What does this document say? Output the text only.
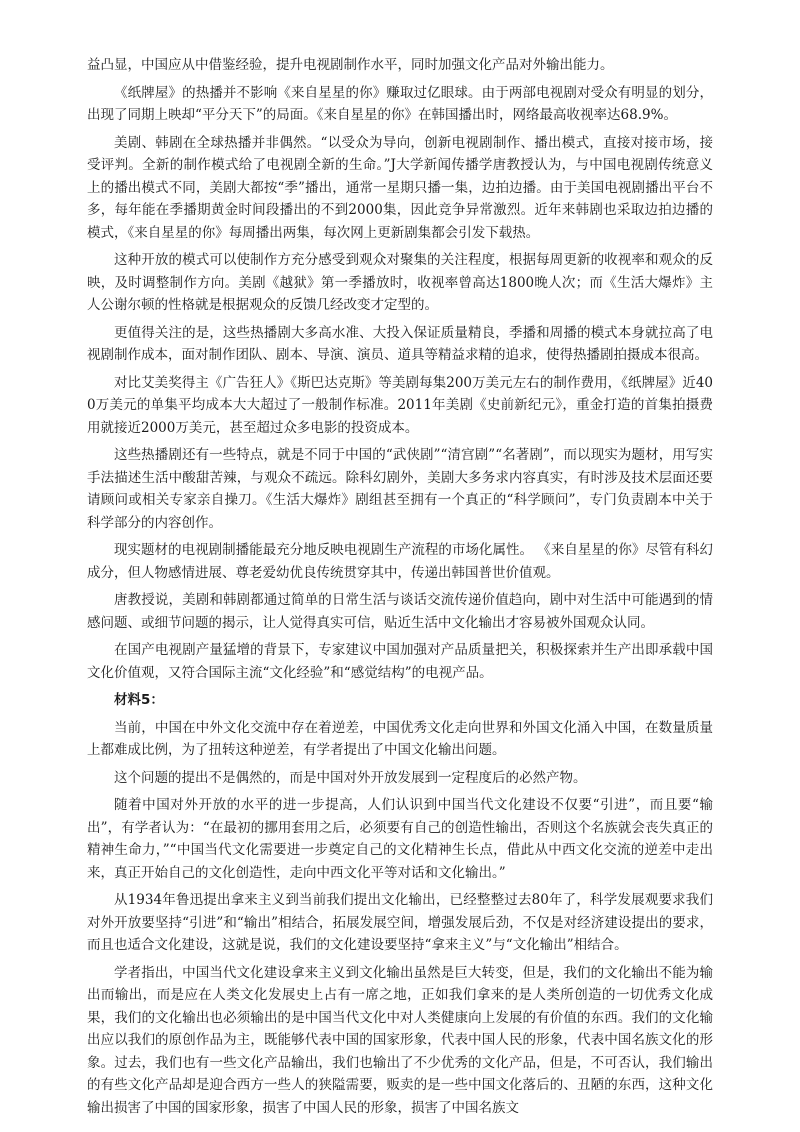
益凸显，中国应从中借鉴经验，提升电视剧制作水平，同时加强文化产品对外输出能力。

《纸牌屋》的热播并不影响《来自星星的你》赚取过亿眼球。由于两部电视剧对受众有明显的划分，出现了同期上映却“平分天下”的局面。《来自星星的你》在韩国播出时，网络最高收视率达68.9%。

美剧、韩剧在全球热播并非偶然。“以受众为导向，创新电视剧制作、播出模式，直接对接市场，接受评判。全新的制作模式给了电视剧全新的生命。”J大学新闻传播学唐教授认为，与中国电视剧传统意义上的播出模式不同，美剧大都按“季”播出，通常一星期只播一集，边拍边播。由于美国电视剧播出平台不多，每年能在季播期黄金时间段播出的不到2000集，因此竞争异常激烈。近年来韩剧也采取边拍边播的模式，《来自星星的你》每周播出两集，每次网上更新剧集都会引发下载热。

这种开放的模式可以使制作方充分感受到观众对聚集的关注程度，根据每周更新的收视率和观众的反映，及时调整制作方向。美剧《越狱》第一季播放时，收视率曾高达1800晚人次；而《生活大爆炸》主人公谢尔顿的性格就是根据观众的反馈几经改变才定型的。

更值得关注的是，这些热播剧大多高水准、大投入保证质量精良，季播和周播的模式本身就拉高了电视剧制作成本，面对制作团队、剧本、导演、演员、道具等精益求精的追求，使得热播剧拍摄成本很高。

对比艾美奖得主《广告狂人》《斯巴达克斯》等美剧每集200万美元左右的制作费用，《纸牌屋》近400万美元的单集平均成本大大超过了一般制作标准。2011年美剧《史前新纪元》，重金打造的首集拍摄费用就接近2000万美元，甚至超过众多电影的投资成本。

这些热播剧还有一些特点，就是不同于中国的“武侠剧”“清宫剧”“名著剧”，而以现实为题材，用写实手法描述生活中酸甜苦辣，与观众不疏远。除科幻剧外，美剧大多务求内容真实，有时涉及技术层面还要请顾问或相关专家亲自操刀。《生活大爆炸》剧组甚至拥有一个真正的“科学顾问”，专门负责剧本中关于科学部分的内容创作。

现实题材的电视剧制播能最充分地反映电视剧生产流程的市场化属性。 《来自星星的你》尽管有科幻成分，但人物感情进展、尊老爱幼优良传统贯穿其中，传递出韩国普世价值观。

唐教授说，美剧和韩剧都通过简单的日常生活与谈话交流传递价值趋向，剧中对生活中可能遇到的情感问题、或细节问题的揭示，让人觉得真实可信，贴近生活中文化输出才容易被外国观众认同。

在国产电视剧产量猛增的背景下，专家建议中国加强对产品质量把关，积极探索并生产出即承载中国文化价值观，又符合国际主流“文化经验”和“感觉结构”的电视产品。

材料5：

当前，中国在中外文化交流中存在着逆差，中国优秀文化走向世界和外国文化涌入中国，在数量质量上都难成比例，为了扭转这种逆差，有学者提出了中国文化输出问题。

这个问题的提出不是偶然的，而是中国对外开放发展到一定程度后的必然产物。

随着中国对外开放的水平的进一步提高，人们认识到中国当代文化建设不仅要“引进”，而且要“输出”，有学者认为：“在最初的挪用套用之后，必须要有自己的创造性输出，否则这个名族就会丧失真正的精神生命力，”“中国当代文化需要进一步奠定自己的文化精神生长点，借此从中西文化交流的逆差中走出来，真正开始自己的文化创造性，走向中西文化平等对话和文化输出。”

从1934年鲁迅提出拿来主义到当前我们提出文化输出，已经整整过去80年了，科学发展观要求我们对外开放要坚持“引进”和“输出”相结合，拓展发展空间，增强发展后劲，不仅是对经济建设提出的要求，而且也适合文化建设，这就是说，我们的文化建设要坚持“拿来主义”与“文化输出”相结合。

学者指出，中国当代文化建设拿来主义到文化输出虽然是巨大转变，但是，我们的文化输出不能为输出而输出，而是应在人类文化发展史上占有一席之地，正如我们拿来的是人类所创造的一切优秀文化成果，我们的文化输出也必须输出的是中国当代文化中对人类健康向上发展的有价值的东西。我们的文化输出应以我们的原创作品为主，既能够代表中国的国家形象，代表中国人民的形象，代表中国名族文化的形象。过去，我们也有一些文化产品输出，我们也输出了不少优秀的文化产品，但是，不可否认，我们输出的有些文化产品却是迎合西方一些人的狭隘需要，贩卖的是一些中国文化落后的、丑陋的东西，这种文化输出损害了中国的国家形象，损害了中国人民的形象，损害了中国名族文
